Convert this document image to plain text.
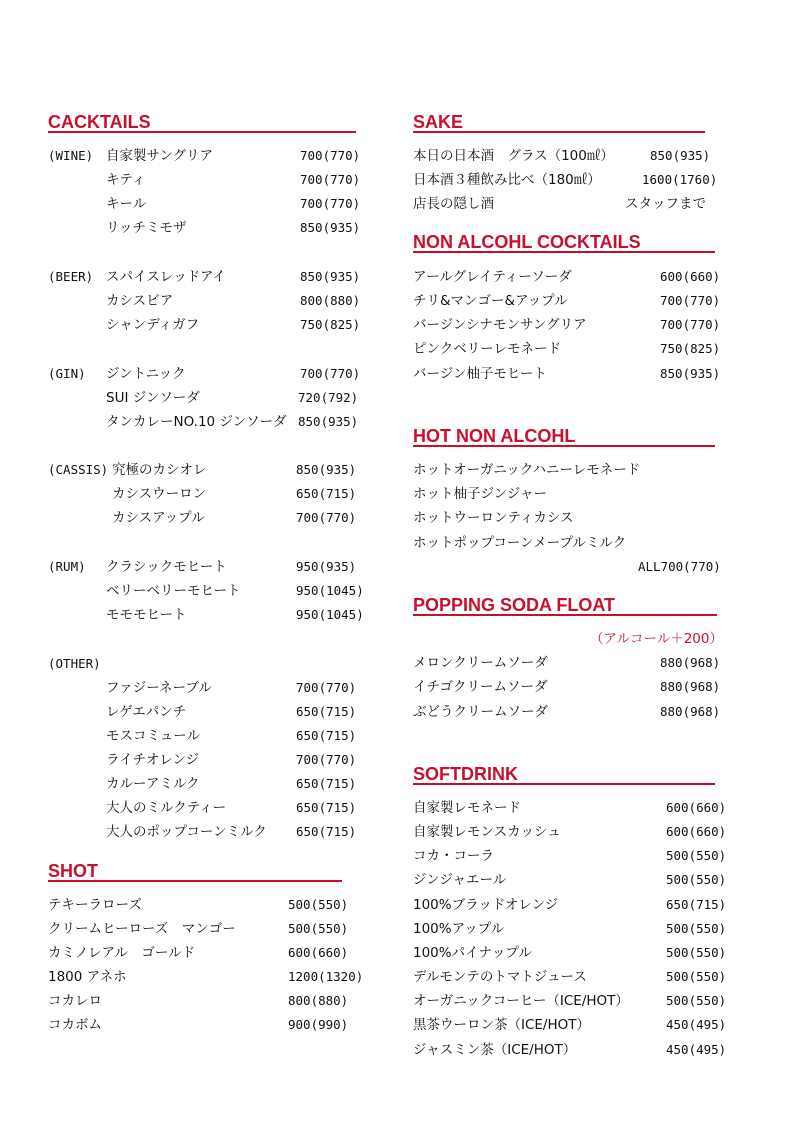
CACKTAILS
(WINE) 自家製サングリア	700(770)
キティ	700(770)
キール	700(770)
リッチミモザ	850(935)
(BEER) スパイスレッドアイ	850(935)
カシスビア	800(880)
シャンディガフ	750(825)
(GIN) ジントニック	700(770)
SUI ジンソーダ	720(792)
タンカレーNO.10 ジンソーダ 850(935)
(CASSIS) 究極のカシオレ	850(935)
カシスウーロン	650(715)
カシスアップル	700(770)
(RUM) クラシックモヒート	950(935)
ベリーベリーモヒート	950(1045)
モモモヒート	950(1045)
(OTHER)
ファジーネーブル	700(770)
レゲエパンチ	650(715)
モスコミュール	650(715)
ライチオレンジ	700(770)
カルーアミルク	650(715)
大人のミルクティー	650(715)
大人のポップコーンミルク 650(715)
SHOT
テキーラローズ	500(550)
クリームヒーローズ　マンゴー	500(550)
カミノレアル　ゴールド	600(660)
1800 アネホ	1200(1320)
コカレロ	800(880)
コカボム	900(990)
SAKE
本日の日本酒　グラス（100㎖）	850(935)
日本酒３種飲み比べ（180㎖）	1600(1760)
店長の隠し酒	スタッフまで
NON ALCOHL COCKTAILS
アールグレイティーソーダ	600(660)
チリ&マンゴー&アップル	700(770)
バージンシナモンサングリア	700(770)
ピンクベリーレモネード	750(825)
バージン柚子モヒート	850(935)
HOT NON ALCOHL
ホットオーガニックハニーレモネード
ホット柚子ジンジャー
ホットウーロンティカシス
ホットポップコーンメープルミルク
ALL700(770)
POPPING SODA FLOAT
（アルコール＋200）
メロンクリームソーダ	880(968)
イチゴクリームソーダ	880(968)
ぶどうクリームソーダ	880(968)
SOFTDRINK
自家製レモネード	600(660)
自家製レモンスカッシュ	600(660)
コカ・コーラ	500(550)
ジンジャエール	500(550)
100%ブラッドオレンジ	650(715)
100%アップル	500(550)
100%パイナップル	500(550)
デルモンテのトマトジュース	500(550)
オーガニックコーヒー（ICE/HOT）	500(550)
黒茶ウーロン茶（ICE/HOT）	450(495)
ジャスミン茶（ICE/HOT）	450(495)
